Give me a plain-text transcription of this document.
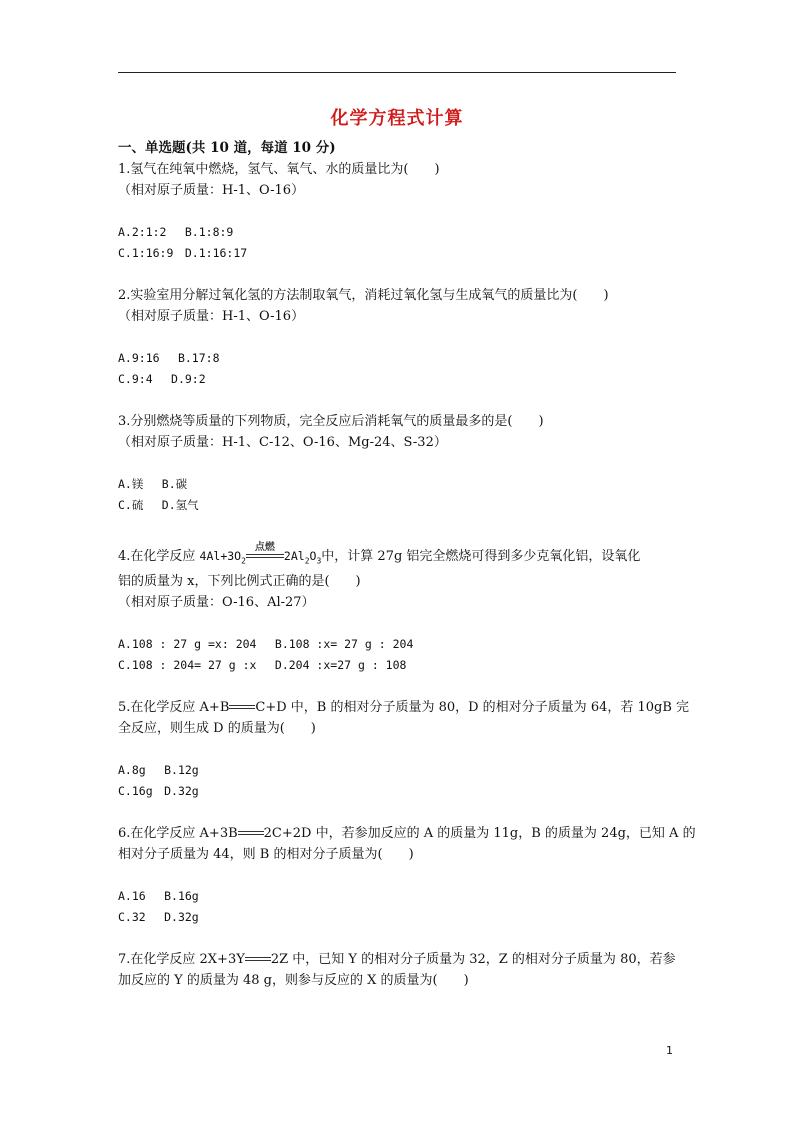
化学方程式计算
一、单选题(共 10 道，每道 10 分)
1.氢气在纯氧中燃烧，氢气、氧气、水的质量比为(　　)
（相对原子质量：H-1、O-16）
A.2:1:2　 B.1:8:9
C.1:16:9　D.1:16:17
2.实验室用分解过氧化氢的方法制取氧气，消耗过氧化氢与生成氧气的质量比为(　　)
（相对原子质量：H-1、O-16）
A.9:16　 B.17:8
C.9:4　 D.9:2
3.分别燃烧等质量的下列物质，完全反应后消耗氧气的质量最多的是(　　)
（相对原子质量：H-1、C-12、O-16、Mg-24、S-32）
A.镁　 B.碳
C.硫　 D.氢气
4.在化学反应 $4Al+3O_2$
点燃
$2Al_2O_3$中，计算 27g 铝完全燃烧可得到多少克氧化铝，设氧化
铝的质量为 x，下列比例式正确的是(　　)
（相对原子质量：O-16、Al-27）
A.108 : 27 g =x: 204　 B.108 :x= 27 g : 204
C.108 : 204= 27 g :x　 D.204 :x=27 g : 108
5.在化学反应 A+B C+D 中，B 的相对分子质量为 80，D 的相对分子质量为 64，若 10gB 完
全反应，则生成 D 的质量为(　　)
A.8g　 B.12g
C.16g　D.32g
6.在化学反应 A+3B 2C+2D 中，若参加反应的 A 的质量为 11g，B 的质量为 24g，已知 A 的
相对分子质量为 44，则 B 的相对分子质量为(　　)
A.16　 B.16g
C.32　 D.32g
7.在化学反应 2X+3Y 2Z 中，已知 Y 的相对分子质量为 32，Z 的相对分子质量为 80，若参
加反应的 Y 的质量为 48 g，则参与反应的 X 的质量为(　　)
1
